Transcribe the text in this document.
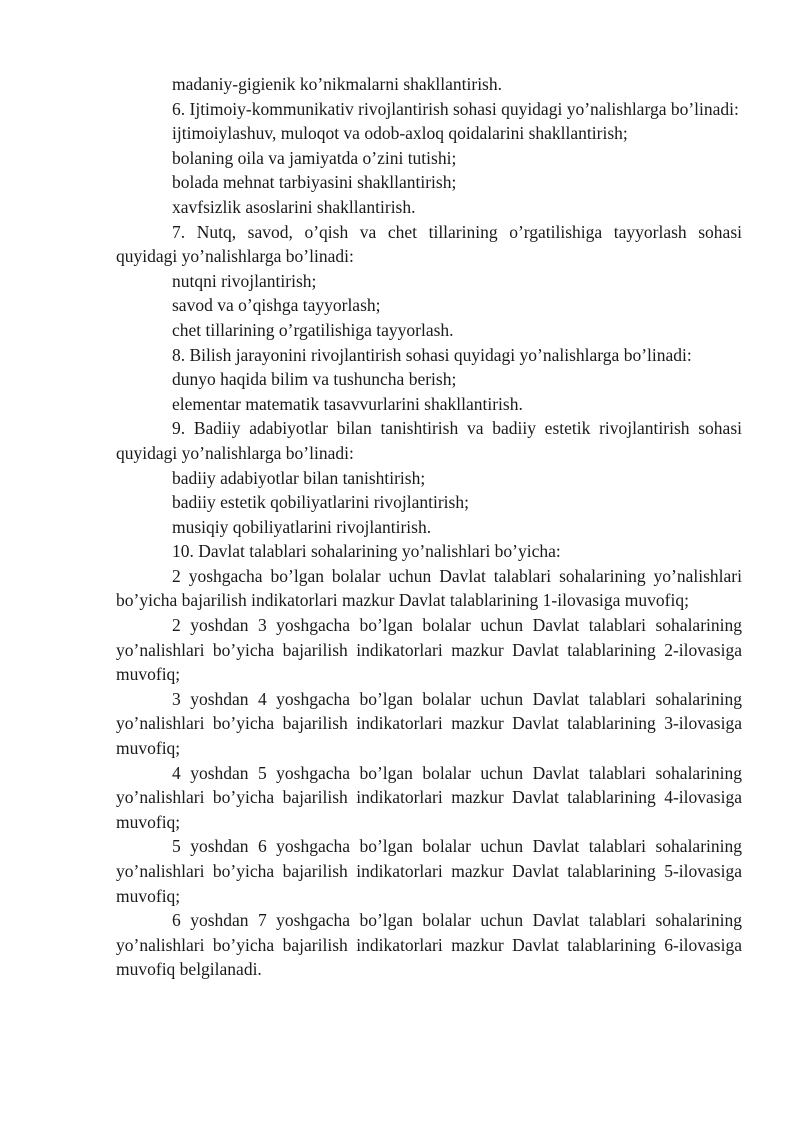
madaniy-gigienik ko’nikmalarni shakllantirish.

6. Ijtimoiy-kommunikativ rivojlantirish sohasi quyidagi yo’nalishlarga bo’linadi:

ijtimoiylashuv, muloqot va odob-axloq qoidalarini shakllantirish;

bolaning oila va jamiyatda o’zini tutishi;

bolada mehnat tarbiyasini shakllantirish;

xavfsizlik asoslarini shakllantirish.

7. Nutq, savod, o’qish va chet tillarining o’rgatilishiga tayyorlash sohasi quyidagi yo’nalishlarga bo’linadi:

nutqni rivojlantirish;

savod va o’qishga tayyorlash;

chet tillarining o’rgatilishiga tayyorlash.

8. Bilish jarayonini rivojlantirish sohasi quyidagi yo’nalishlarga bo’linadi:

dunyo haqida bilim va tushuncha berish;

elementar matematik tasavvurlarini shakllantirish.

9. Badiiy adabiyotlar bilan tanishtirish va badiiy estetik rivojlantirish sohasi quyidagi yo’nalishlarga bo’linadi:

badiiy adabiyotlar bilan tanishtirish;

badiiy estetik qobiliyatlarini rivojlantirish;

musiqiy qobiliyatlarini rivojlantirish.

10. Davlat talablari sohalarining yo’nalishlari bo’yicha:

2 yoshgacha bo’lgan bolalar uchun Davlat talablari sohalarining yo’nalishlari bo’yicha bajarilish indikatorlari mazkur Davlat talablarining 1-ilovasiga muvofiq;

2 yoshdan 3 yoshgacha bo’lgan bolalar uchun Davlat talablari sohalarining yo’nalishlari bo’yicha bajarilish indikatorlari mazkur Davlat talablarining 2-ilovasiga muvofiq;

3 yoshdan 4 yoshgacha bo’lgan bolalar uchun Davlat talablari sohalarining yo’nalishlari bo’yicha bajarilish indikatorlari mazkur Davlat talablarining 3-ilovasiga muvofiq;

4 yoshdan 5 yoshgacha bo’lgan bolalar uchun Davlat talablari sohalarining yo’nalishlari bo’yicha bajarilish indikatorlari mazkur Davlat talablarining 4-ilovasiga muvofiq;

5 yoshdan 6 yoshgacha bo’lgan bolalar uchun Davlat talablari sohalarining yo’nalishlari bo’yicha bajarilish indikatorlari mazkur Davlat talablarining 5-ilovasiga muvofiq;

6 yoshdan 7 yoshgacha bo’lgan bolalar uchun Davlat talablari sohalarining yo’nalishlari bo’yicha bajarilish indikatorlari mazkur Davlat talablarining 6-ilovasiga muvofiq belgilanadi.
